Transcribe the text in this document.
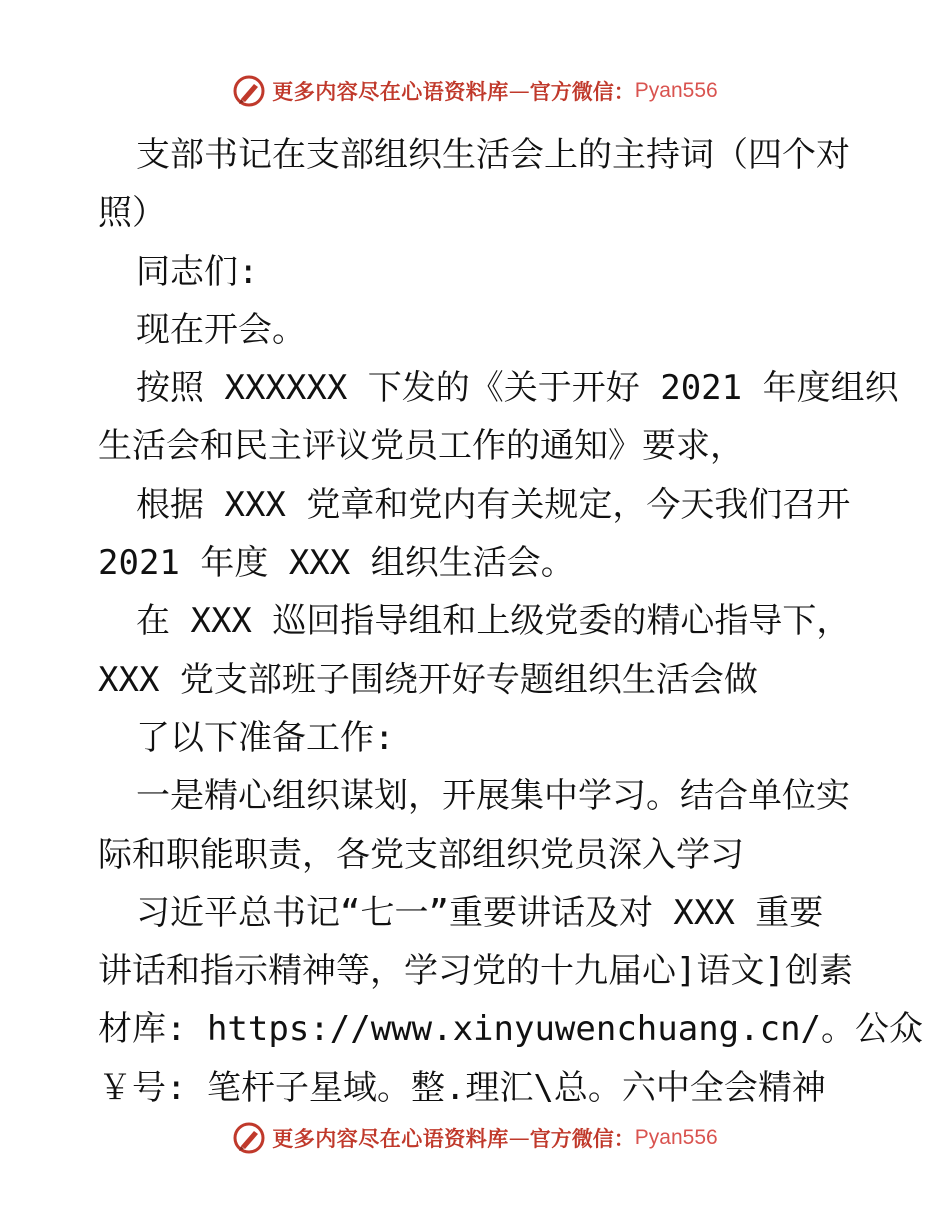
更多内容尽在心语资料库 — 官方微信： Pyan556
支部书记在支部组织生活会上的主持词（四个对
照）
同志们:
现在开会。
按照 XXXXXX 下发的《关于开好 2021 年度组织
生活会和民主评议党员工作的通知》要求，
根据 XXX 党章和党内有关规定，今天我们召开
2021 年度 XXX 组织生活会。
在 XXX 巡回指导组和上级党委的精心指导下，
XXX 党支部班子围绕开好专题组织生活会做
了以下准备工作:
一是精心组织谋划，开展集中学习。结合单位实
际和职能职责，各党支部组织党员深入学习
习近平总书记“七一”重要讲话及对 XXX 重要
讲话和指示精神等，学习党的十九届心]语文]创素
材库: https://www.xinyuwenchuang.cn/。公众
￥号: 笔杆子星域。整.理汇\总。六中全会精神
更多内容尽在心语资料库 — 官方微信： Pyan556
